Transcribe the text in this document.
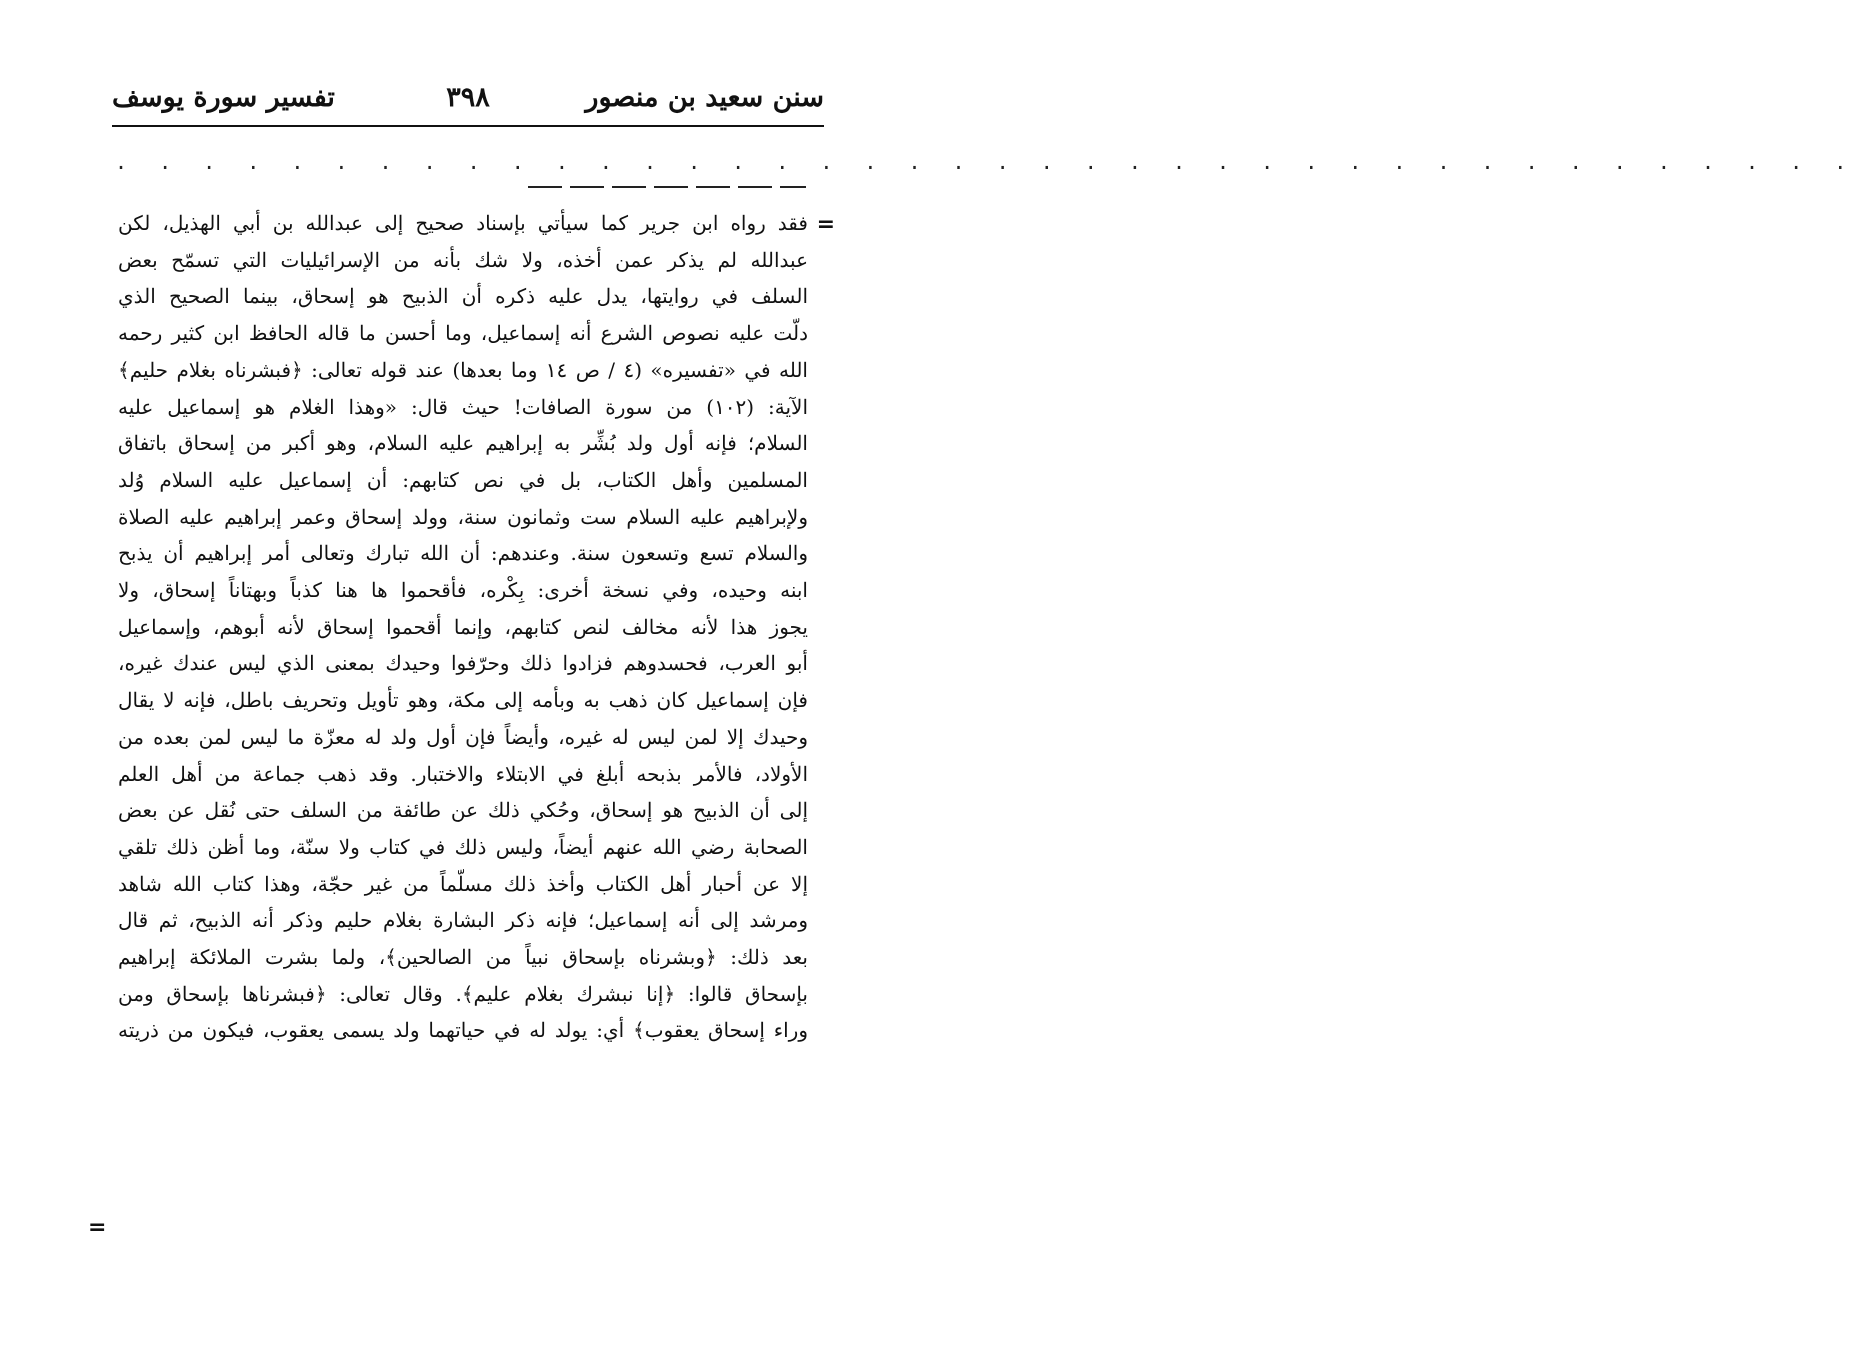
سنن سعيد بن منصور
٣٩٨
تفسير سورة يوسف
. . . . . . . . . . . . . . . . . . . . . . . . . . . . . . . . . . . . . . . .
=
فقد رواه ابن جرير كما سيأتي بإسناد صحيح إلى عبدالله بن أبي الهذيل، لكن
عبدالله لم يذكر عمن أخذه، ولا شك بأنه من الإسرائيليات التي تسمّح بعض
السلف في روايتها، يدل عليه ذكره أن الذبيح هو إسحاق، بينما الصحيح الذي
دلّت عليه نصوص الشرع أنه إسماعيل، وما أحسن ما قاله الحافظ ابن كثير رحمه
الله في «تفسيره» (٤ / ص ١٤ وما بعدها) عند قوله تعالى: ﴿فبشرناه بغلام حليم﴾
الآية: (١٠٢) من سورة الصافات! حيث قال: «وهذا الغلام هو إسماعيل عليه
السلام؛ فإنه أول ولد بُشِّر به إبراهيم عليه السلام، وهو أكبر من إسحاق باتفاق
المسلمين وأهل الكتاب، بل في نص كتابهم: أن إسماعيل عليه السلام وُلد
ولإبراهيم عليه السلام ست وثمانون سنة، وولد إسحاق وعمر إبراهيم عليه الصلاة
والسلام تسع وتسعون سنة. وعندهم: أن الله تبارك وتعالى أمر إبراهيم أن يذبح
ابنه وحيده، وفي نسخة أخرى: بِكْره، فأقحموا ها هنا كذباً وبهتاناً إسحاق، ولا
يجوز هذا لأنه مخالف لنص كتابهم، وإنما أقحموا إسحاق لأنه أبوهم، وإسماعيل
أبو العرب، فحسدوهم فزادوا ذلك وحرّفوا وحيدك بمعنى الذي ليس عندك غيره،
فإن إسماعيل كان ذهب به وبأمه إلى مكة، وهو تأويل وتحريف باطل، فإنه لا يقال
وحيدك إلا لمن ليس له غيره، وأيضاً فإن أول ولد له معزّة ما ليس لمن بعده من
الأولاد، فالأمر بذبحه أبلغ في الابتلاء والاختبار. وقد ذهب جماعة من أهل العلم
إلى أن الذبيح هو إسحاق، وحُكي ذلك عن طائفة من السلف حتى نُقل عن بعض
الصحابة رضي الله عنهم أيضاً، وليس ذلك في كتاب ولا سنّة، وما أظن ذلك تلقي
إلا عن أحبار أهل الكتاب وأخذ ذلك مسلّماً من غير حجّة، وهذا كتاب الله شاهد
ومرشد إلى أنه إسماعيل؛ فإنه ذكر البشارة بغلام حليم وذكر أنه الذبيح، ثم قال
بعد ذلك: ﴿وبشرناه بإسحاق نبياً من الصالحين﴾، ولما بشرت الملائكة إبراهيم
بإسحاق قالوا: ﴿إنا نبشرك بغلام عليم﴾. وقال تعالى: ﴿فبشرناها بإسحاق ومن
وراء إسحاق يعقوب﴾ أي: يولد له في حياتهما ولد يسمى يعقوب، فيكون من ذريته
=
